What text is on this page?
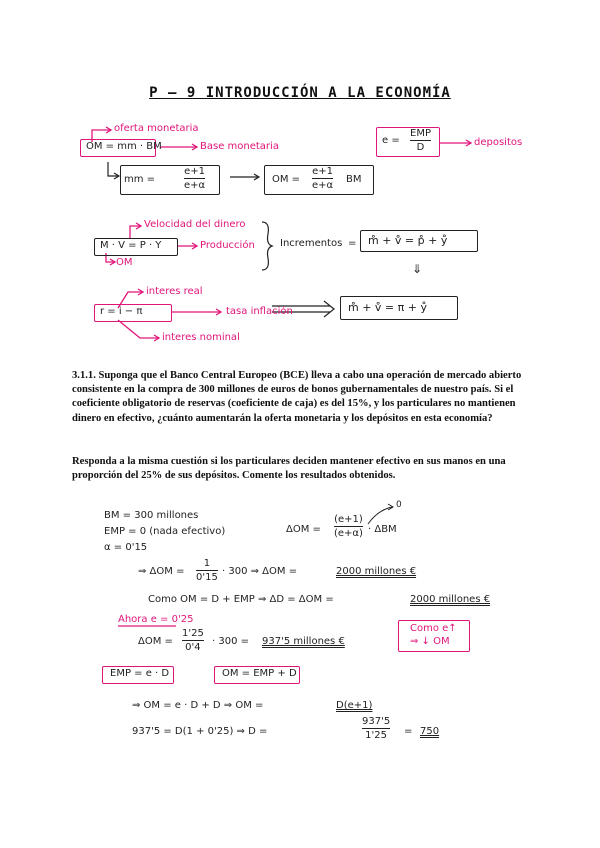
P – 9 INTRODUCCIÓN A LA ECONOMÍA
oferta monetaria
OM = mm · BM	Base monetaria
e =
EMP
D	depositos
mm =
e+1
e+α
OM =
e+1
e+α
BM
Velocidad del dinero
M · V = P · Y	Producción
OM
Incrementos = m̊ + v̊ = p̊ + ẙ
⇓
interes real
r = i − π	tasa inflación	m̊ + v̊ = π + ẙ
interes nominal
3.1.1. Suponga que el Banco Central Europeo (BCE) lleva a cabo una operación de mercado abierto consistente en la compra de 300 millones de euros de bonos gubernamentales de nuestro país. Si el coeficiente obligatorio de reservas (coeficiente de caja) es del 15%, y los particulares no mantienen dinero en efectivo, ¿cuánto aumentarán la oferta monetaria y los depósitos en esta economía?
Responda a la misma cuestión si los particulares deciden mantener efectivo en sus manos en una proporción del 25% de sus depósitos. Comente los resultados obtenidos.
BM = 300 millones
EMP = 0 (nada efectivo)
α = 0'15
ΔOM =
(e+1)
(e+α) · ΔBM
0
⇒ ΔOM =
1
0'15
· 300 ⇒ ΔOM =	2000 millones €
Como OM = D + EMP ⇒ ΔD = ΔOM =	2000 millones €
Ahora e = 0'25
ΔOM =
1'25
0'4
· 300 = 937'5 millones €
Como e↑
⇒ ↓ OM
EMP = e · D	OM = EMP + D
⇒ OM = e · D + D ⇒ OM =	D(e+1)
937'5 = D(1 + 0'25) ⇒ D =
937'5
1'25 = 750
